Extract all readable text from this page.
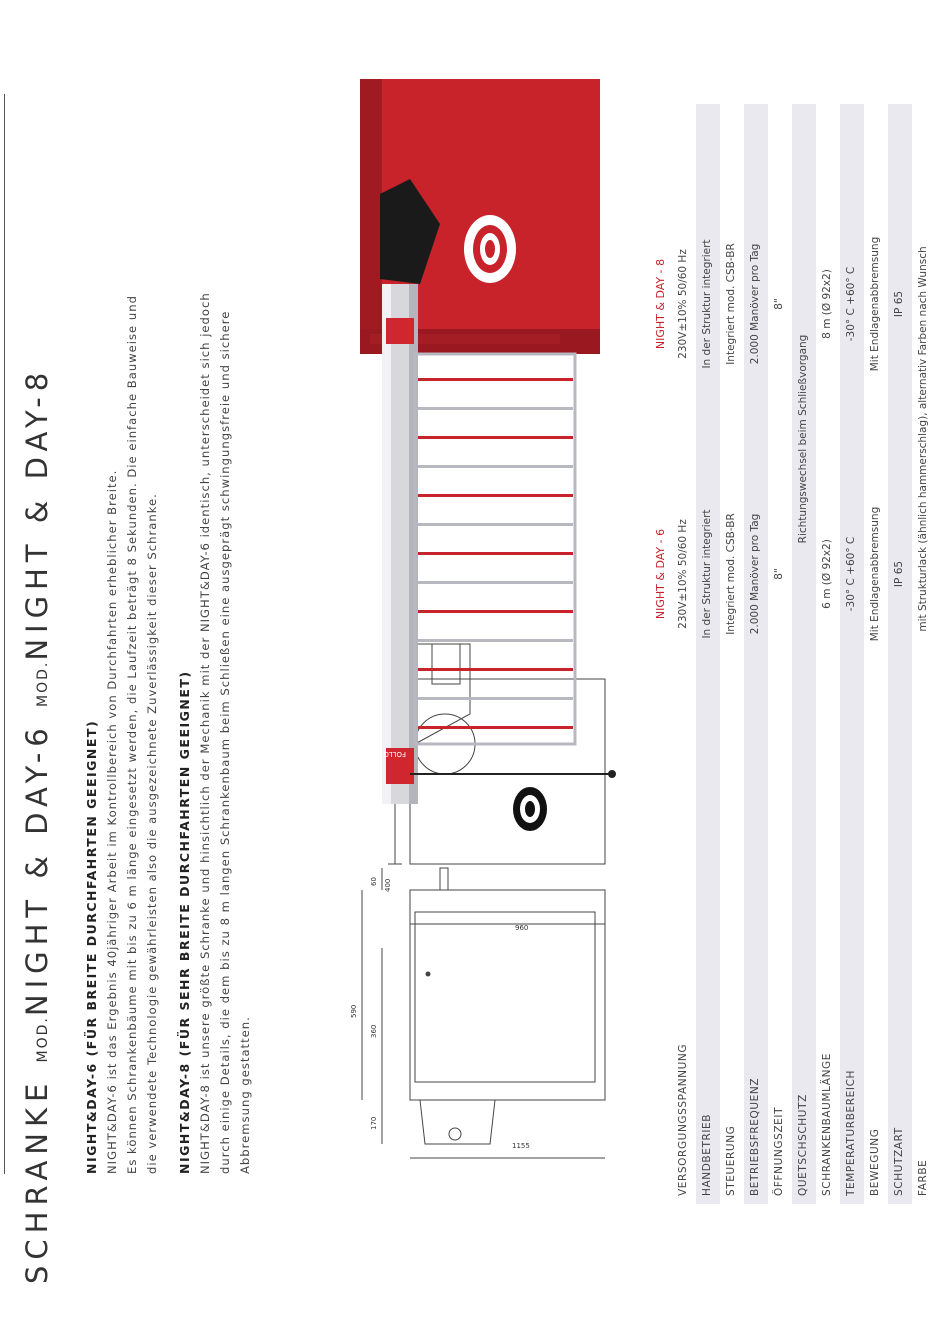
SCHRANKE MOD.NIGHT & DAY-6 MOD.NIGHT & DAY-8
NIGHT&DAY-6 (FÜR BREITE DURCHFAHRTEN GEEIGNET) NIGHT&DAY-6 ist das Ergebnis 40jähriger Arbeit im Kontrollbereich von Durchfahrten erheblicher Breite. Es können Schrankenbäume mit bis zu 6 m länge eingesetzt werden, die Laufzeit beträgt 8 Sekunden. Die einfache Bauweise und die verwendete Technologie gewährleisten also die ausgezeichnete Zuverlässigkeit dieser Schranke. NIGHT&DAY-8 (FÜR SEHR BREITE DURCHFAHRTEN GEEIGNET) NIGHT&DAY-8 ist unsere größte Schranke und hinsichtlich der Mechanik mit der NIGHT&DAY-6 identisch, unterscheidet sich jedoch durch einige Details, die dem bis zu 8 m langen Schrankenbaum beim Schließen eine ausgeprägt schwingungsfreie und sichere Abbremsung gestatten.	1155
590
170
360
60
960
400
FOLLO
NIGHT & DAY - 6
NIGHT & DAY - 8
VERSORGUNGSSPANNUNG
230V±10% 50/60 Hz
230V±10% 50/60 Hz
HANDBETRIEB
In der Struktur integriert
In der Struktur integriert
STEUERUNG
Integriert mod. CSB-BR
Integriert mod. CSB-BR
BETRIEBSFREQUENZ
2.000 Manöver pro Tag
2.000 Manöver pro Tag
ÖFFNUNGSZEIT
8"
8"
QUETSCHSCHUTZ
Richtungswechsel beim Schließvorgang
SCHRANKENBAUMLÄNGE
6 m (Ø 92x2)
8 m (Ø 92x2)
TEMPERATURBEREICH
-30° C +60° C
-30° C +60° C
BEWEGUNG
Mit Endlagenabbremsung
Mit Endlagenabbremsung
SCHUTZART
IP 65
IP 65
FARBE
mit Strukturlack (ähnlich hammerschlag), alternativ Farben nach Wunsch
